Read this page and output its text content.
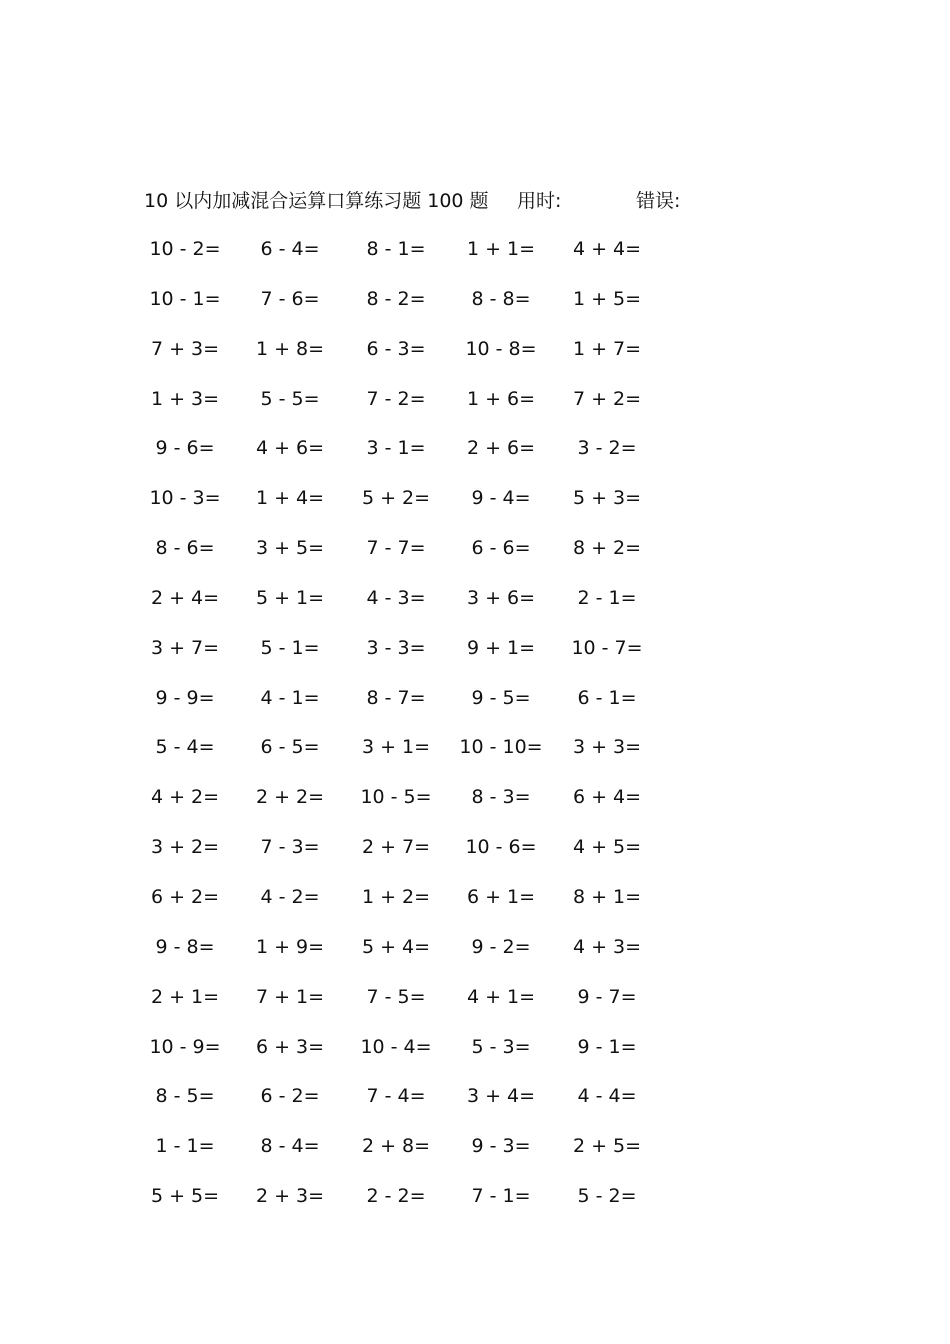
10 以内加减混合运算口算练习题 100 题 用时:	错误:
10 - 2=	6 - 4=	8 - 1=	1 + 1=	4 + 4=
10 - 1=	7 - 6=	8 - 2=	8 - 8=	1 + 5=
7 + 3=	1 + 8=	6 - 3=	10 - 8=	1 + 7=
1 + 3=	5 - 5=	7 - 2=	1 + 6=	7 + 2=
9 - 6=	4 + 6=	3 - 1=	2 + 6=	3 - 2=
10 - 3=	1 + 4=	5 + 2=	9 - 4=	5 + 3=
8 - 6=	3 + 5=	7 - 7=	6 - 6=	8 + 2=
2 + 4=	5 + 1=	4 - 3=	3 + 6=	2 - 1=
3 + 7=	5 - 1=	3 - 3=	9 + 1=	10 - 7=
9 - 9=	4 - 1=	8 - 7=	9 - 5=	6 - 1=
5 - 4=	6 - 5=	3 + 1=	10 - 10=	3 + 3=
4 + 2=	2 + 2=	10 - 5=	8 - 3=	6 + 4=
3 + 2=	7 - 3=	2 + 7=	10 - 6=	4 + 5=
6 + 2=	4 - 2=	1 + 2=	6 + 1=	8 + 1=
9 - 8=	1 + 9=	5 + 4=	9 - 2=	4 + 3=
2 + 1=	7 + 1=	7 - 5=	4 + 1=	9 - 7=
10 - 9=	6 + 3=	10 - 4=	5 - 3=	9 - 1=
8 - 5=	6 - 2=	7 - 4=	3 + 4=	4 - 4=
1 - 1=	8 - 4=	2 + 8=	9 - 3=	2 + 5=
5 + 5=	2 + 3=	2 - 2=	7 - 1=	5 - 2=
